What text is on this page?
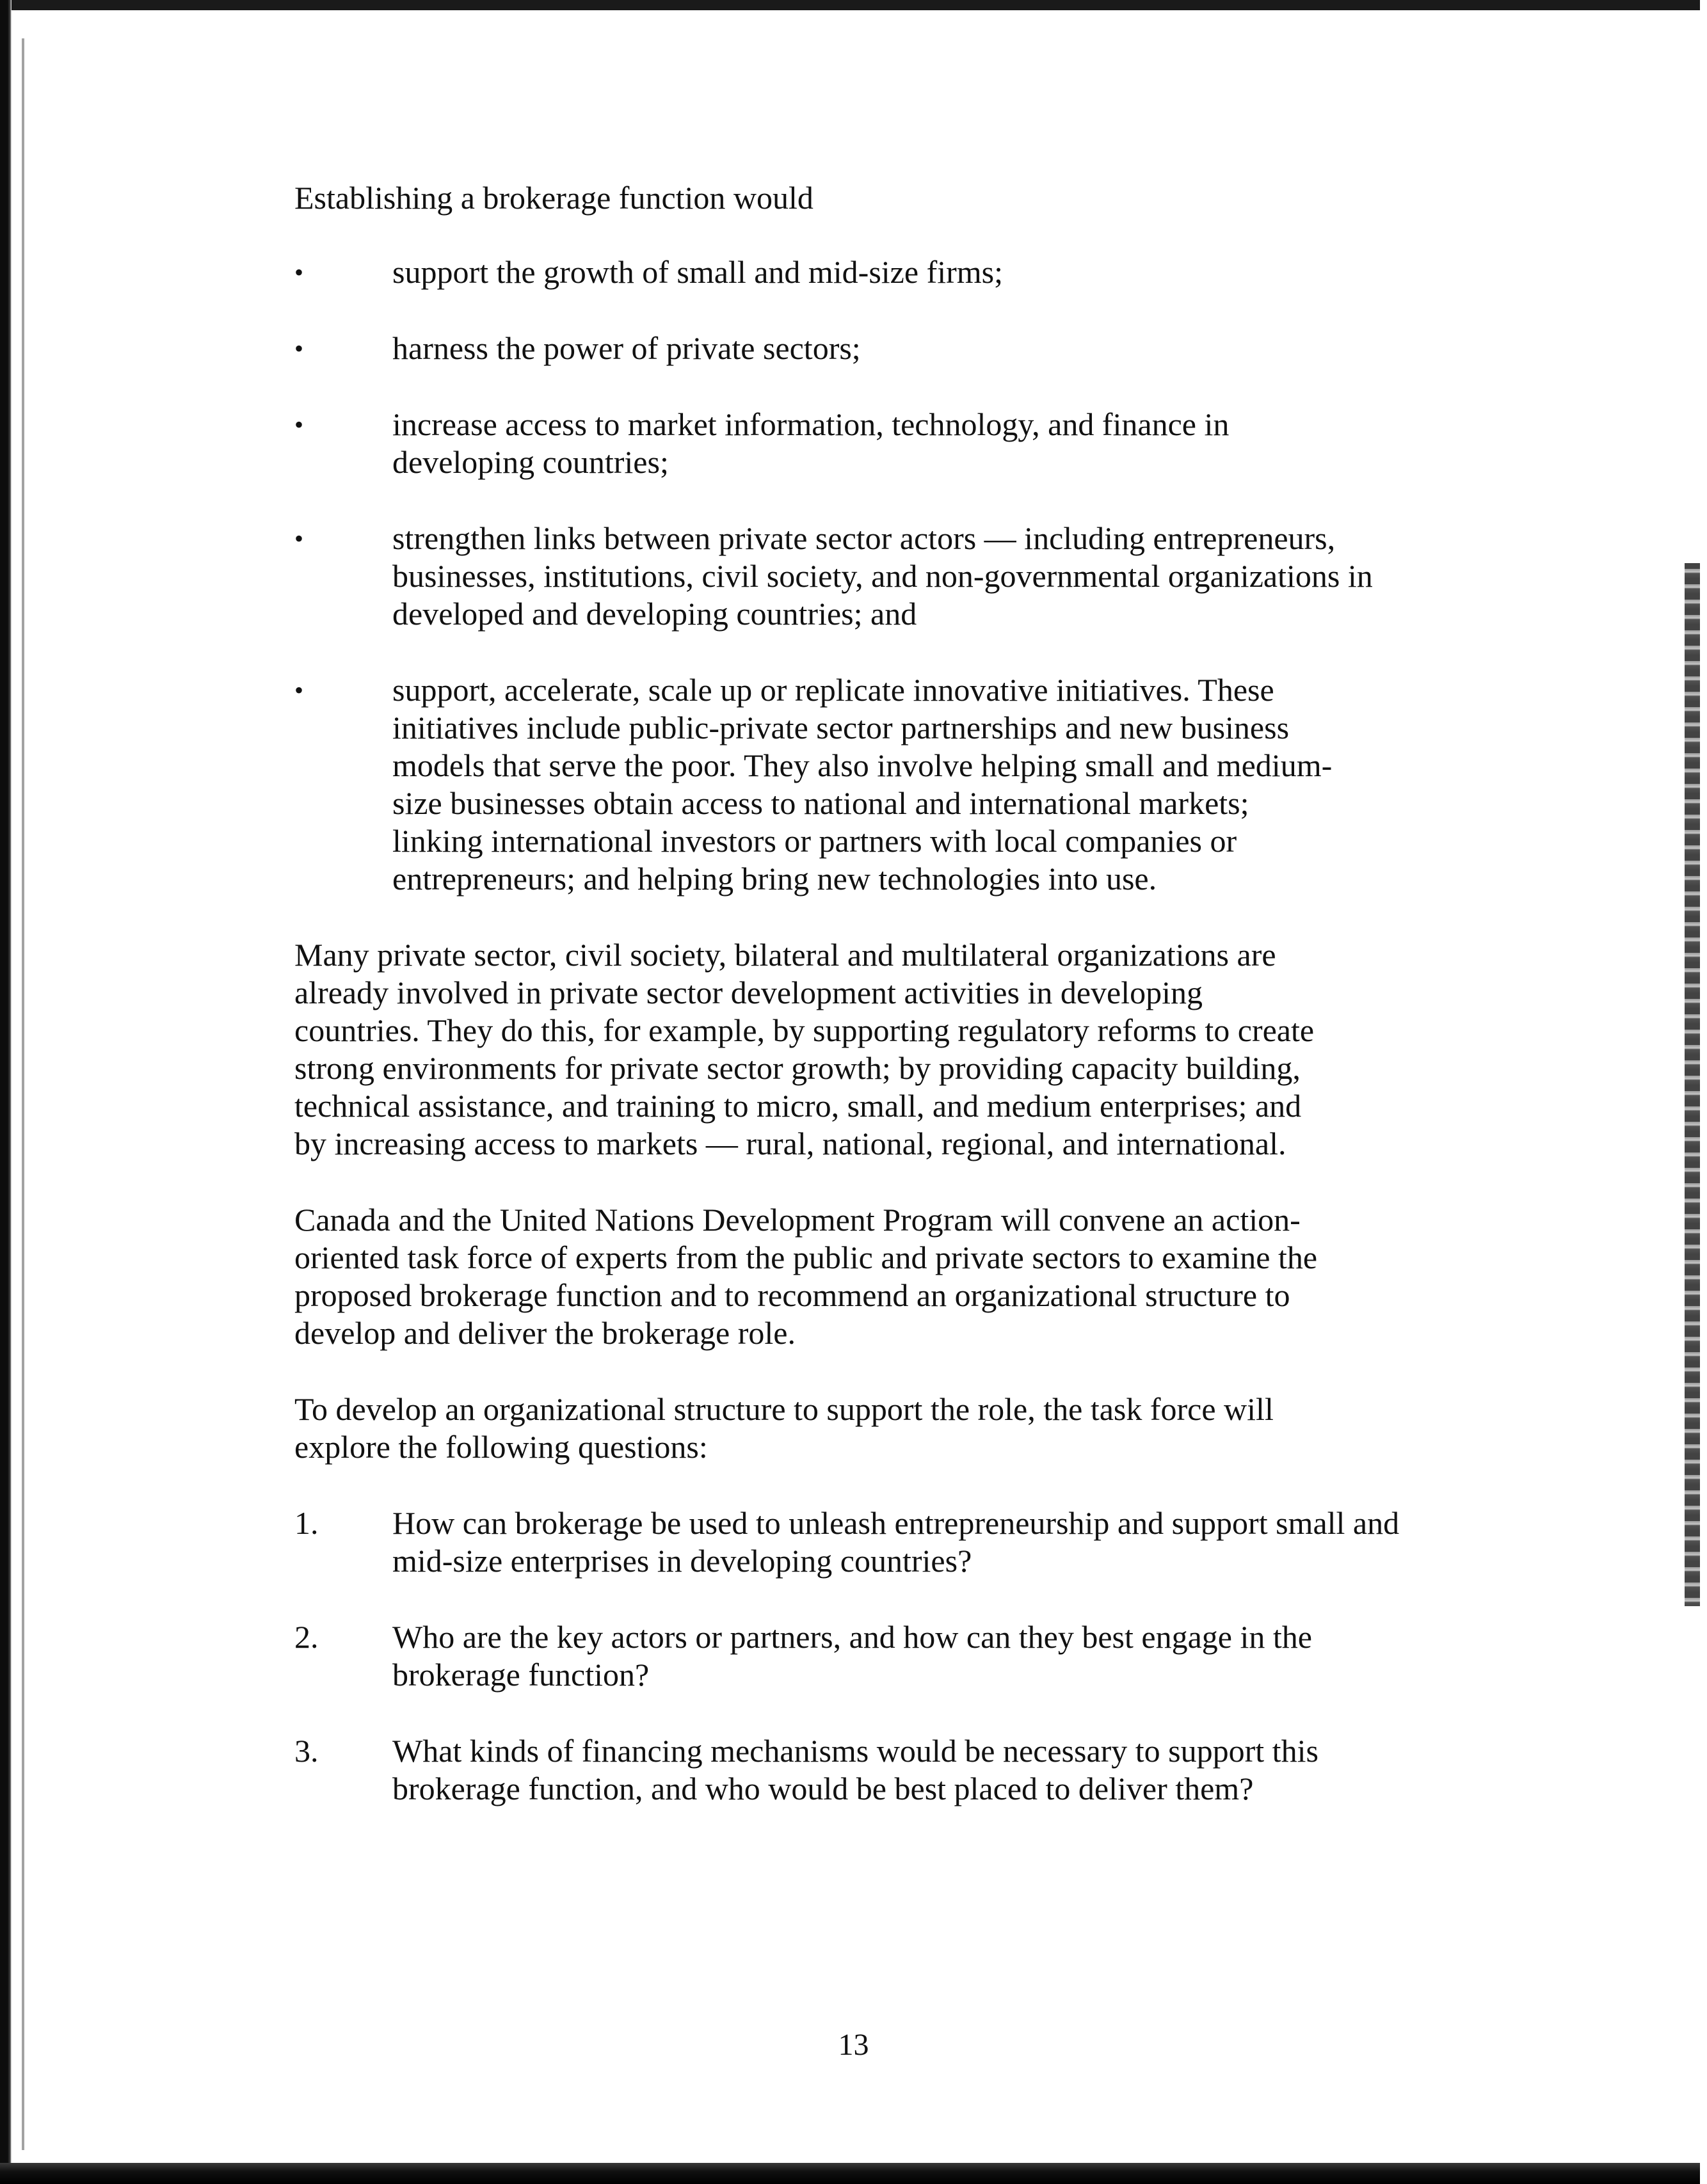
Establishing a brokerage function would

•	support the growth of small and mid-size firms;
•	harness the power of private sectors;
•	increase access to market information, technology, and finance in developing countries;
•	strengthen links between private sector actors — including entrepreneurs, businesses, institutions, civil society, and non-governmental organizations in developed and developing countries; and
•	support, accelerate, scale up or replicate innovative initiatives. These initiatives include public-private sector partnerships and new business models that serve the poor. They also involve helping small and medium-size businesses obtain access to national and international markets; linking international investors or partners with local companies or entrepreneurs; and helping bring new technologies into use.

Many private sector, civil society, bilateral and multilateral organizations are already involved in private sector development activities in developing countries. They do this, for example, by supporting regulatory reforms to create strong environments for private sector growth; by providing capacity building, technical assistance, and training to micro, small, and medium enterprises; and by increasing access to markets — rural, national, regional, and international.

Canada and the United Nations Development Program will convene an action-oriented task force of experts from the public and private sectors to examine the proposed brokerage function and to recommend an organizational structure to develop and deliver the brokerage role.

To develop an organizational structure to support the role, the task force will explore the following questions:

1. How can brokerage be used to unleash entrepreneurship and support small and mid-size enterprises in developing countries?
2. Who are the key actors or partners, and how can they best engage in the brokerage function?
3. What kinds of financing mechanisms would be necessary to support this brokerage function, and who would be best placed to deliver them?
13
